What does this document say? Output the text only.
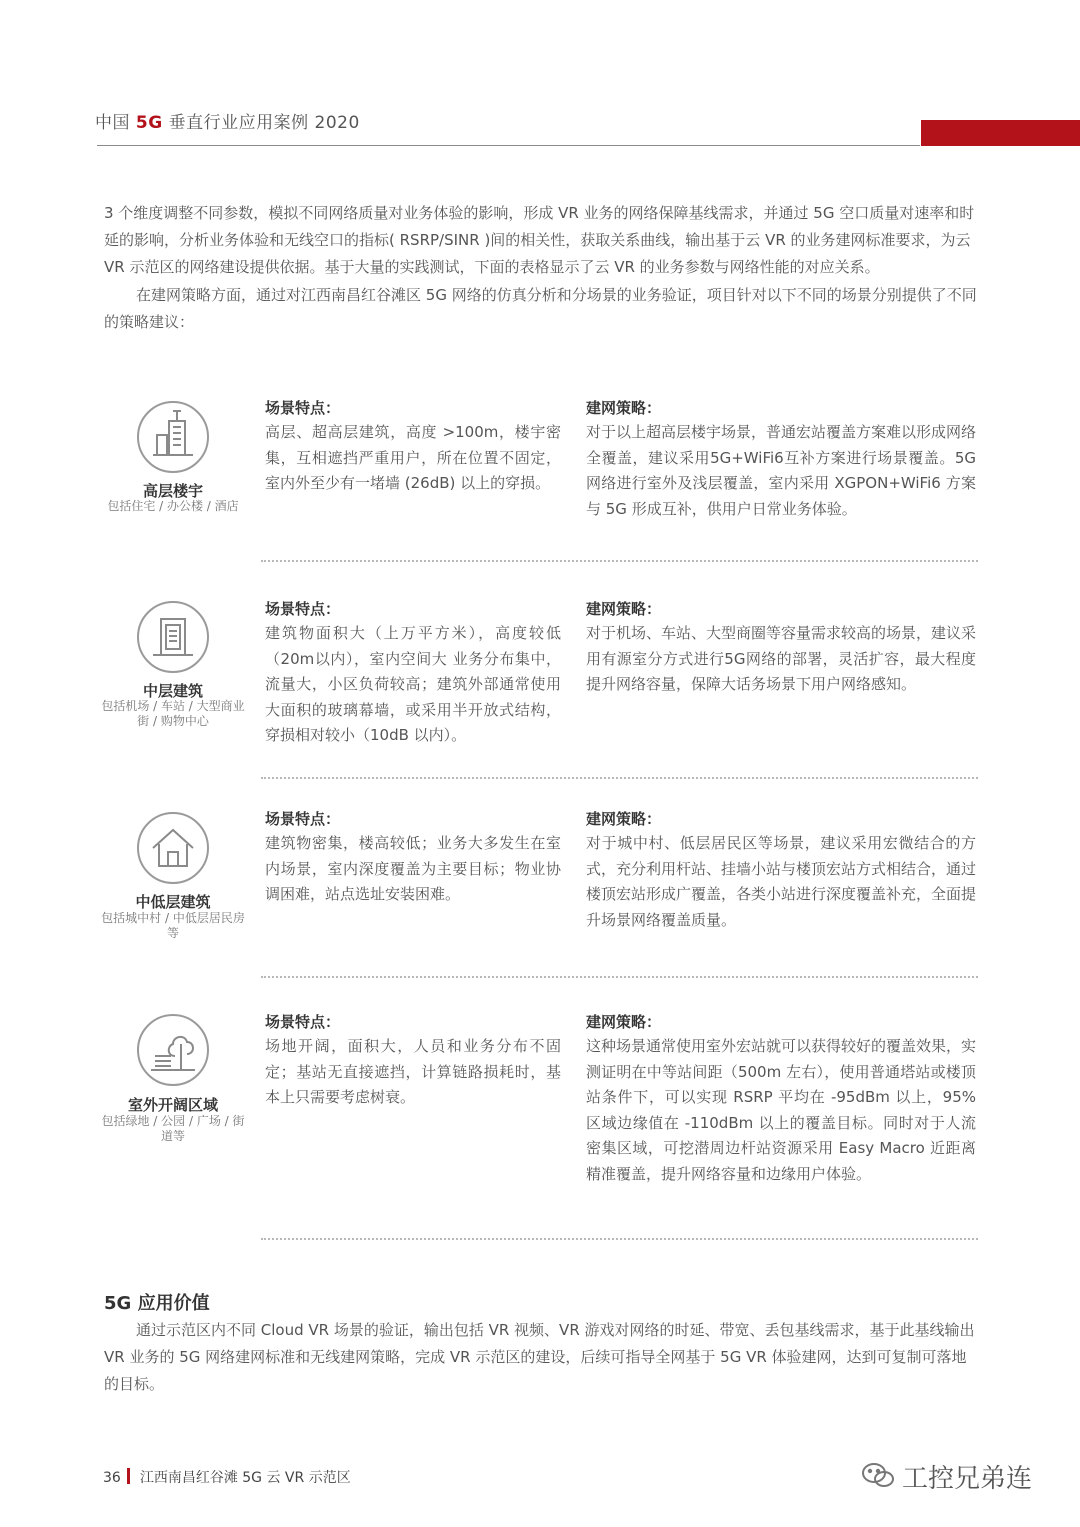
中国 5G 垂直行业应用案例 2020

3 个维度调整不同参数，模拟不同网络质量对业务体验的影响，形成 VR 业务的网络保障基线需求，并通过 5G 空口质量对速率和时延的影响，分析业务体验和无线空口的指标( RSRP/SINR )间的相关性，获取关系曲线，输出基于云 VR 的业务建网标准要求，为云 VR 示范区的网络建设提供依据。基于大量的实践测试，下面的表格显示了云 VR 的业务参数与网络性能的对应关系。

在建网策略方面，通过对江西南昌红谷滩区 5G 网络的仿真分析和分场景的业务验证，项目针对以下不同的场景分别提供了不同的策略建议：

高层楼宇
包括住宅 / 办公楼 / 酒店
场景特点：

高层、超高层建筑，高度 >100m，楼宇密集，互相遮挡严重用户，所在位置不固定，室内外至少有一堵墙 (26dB) 以上的穿损。

建网策略：

对于以上超高层楼宇场景，普通宏站覆盖方案难以形成网络全覆盖，建议采用5G+WiFi6互补方案进行场景覆盖。5G 网络进行室外及浅层覆盖，室内采用 XGPON+WiFi6 方案与 5G 形成互补，供用户日常业务体验。

中层建筑
包括机场 / 车站 / 大型商业街 / 购物中心
场景特点：

建筑物面积大（上万平方米），高度较低（20m以内），室内空间大 业务分布集中，流量大，小区负荷较高；建筑外部通常使用大面积的玻璃幕墙，或采用半开放式结构，穿损相对较小（10dB 以内）。

建网策略：

对于机场、车站、大型商圈等容量需求较高的场景，建议采用有源室分方式进行5G网络的部署，灵活扩容，最大程度提升网络容量，保障大话务场景下用户网络感知。

中低层建筑
包括城中村 / 中低层居民房等
场景特点：

建筑物密集，楼高较低；业务大多发生在室内场景，室内深度覆盖为主要目标；物业协调困难，站点选址安装困难。

建网策略：

对于城中村、低层居民区等场景，建议采用宏微结合的方式，充分利用杆站、挂墙小站与楼顶宏站方式相结合，通过楼顶宏站形成广覆盖，各类小站进行深度覆盖补充，全面提升场景网络覆盖质量。

室外开阔区域
包括绿地 / 公园 / 广场 / 街道等
场景特点：

场地开阔，面积大，人员和业务分布不固定；基站无直接遮挡，计算链路损耗时，基本上只需要考虑树衰。

建网策略：

这种场景通常使用室外宏站就可以获得较好的覆盖效果，实测证明在中等站间距（500m 左右），使用普通塔站或楼顶站条件下，可以实现 RSRP 平均在 -95dBm 以上，95% 区域边缘值在 -110dBm 以上的覆盖目标。同时对于人流密集区域，可挖潜周边杆站资源采用 Easy Macro 近距离精准覆盖，提升网络容量和边缘用户体验。

5G 应用价值

通过示范区内不同 Cloud VR 场景的验证，输出包括 VR 视频、VR 游戏对网络的时延、带宽、丢包基线需求，基于此基线输出 VR 业务的 5G 网络建网标准和无线建网策略，完成 VR 示范区的建设，后续可指导全网基于 5G VR 体验建网，达到可复制可落地的目标。

36 江西南昌红谷滩 5G 云 VR 示范区	工控兄弟连
